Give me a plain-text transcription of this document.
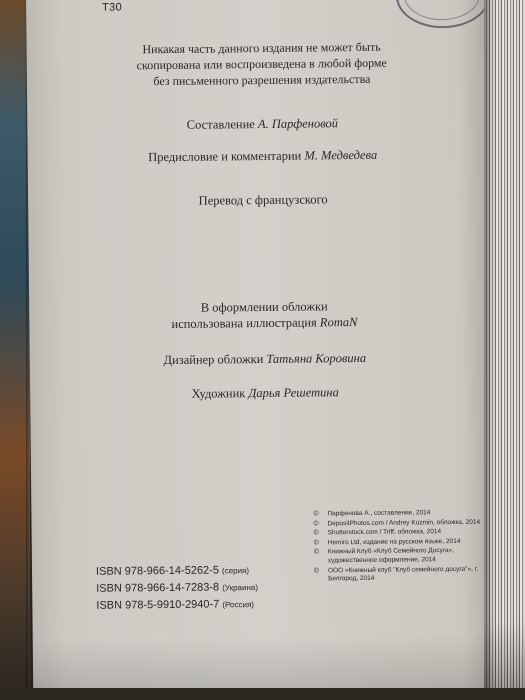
Т30
Никакая часть данного издания не может быть
скопирована или воспроизведена в любой форме
без письменного разрешения издательства
Составление А. Парфеновой
Предисловие и комментарии М. Медведева
Перевод с французского
В оформлении обложки
использована иллюстрация RomaN
Дизайнер обложки Татьяна Коровина
Художник Дарья Решетина
©	Парфенова А., составление, 2014
©	DepositPhotos.com / Andrey Kuzmin, обложка, 2014
©	Shutterstock.com / Triff, обложка, 2014
©	Hemiro Ltd, издание на русском языке, 2014
©	Книжный Клуб «Клуб Семейного Досуга», художественное оформление, 2014
©	ООО «Книжный клуб "Клуб семейного досуга"», г. Белгород, 2014
ISBN 978-966-14-5262-5 (серия)
ISBN 978-966-14-7283-8 (Украина)
ISBN 978-5-9910-2940-7 (Россия)
